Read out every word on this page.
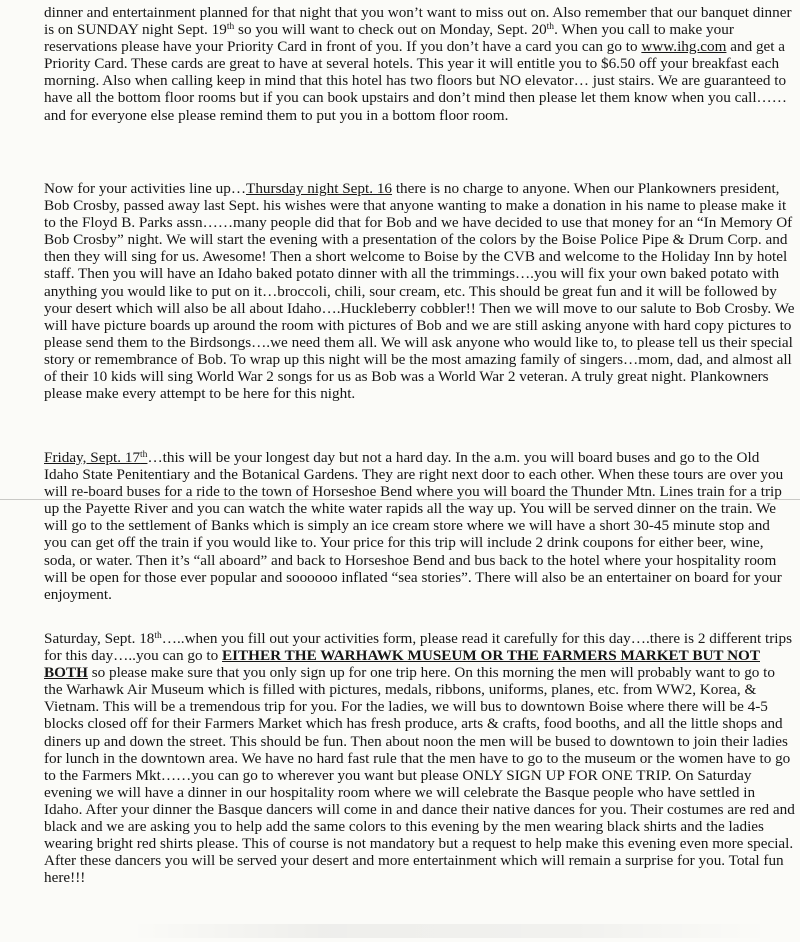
dinner and entertainment planned for that night that you won’t want to miss out on. Also remember that our banquet dinner is on SUNDAY night Sept. 19th so you will want to check out on Monday, Sept. 20th. When you call to make your reservations please have your Priority Card in front of you. If you don’t have a card you can go to www.ihg.com and get a Priority Card. These cards are great to have at several hotels. This year it will entitle you to $6.50 off your breakfast each morning. Also when calling keep in mind that this hotel has two floors but NO elevator… just stairs. We are guaranteed to have all the bottom floor rooms but if you can book upstairs and don’t mind then please let them know when you call……and for everyone else please remind them to put you in a bottom floor room.

Now for your activities line up…Thursday night Sept. 16 there is no charge to anyone. When our Plankowners president, Bob Crosby, passed away last Sept. his wishes were that anyone wanting to make a donation in his name to please make it to the Floyd B. Parks assn……many people did that for Bob and we have decided to use that money for an “In Memory Of Bob Crosby” night. We will start the evening with a presentation of the colors by the Boise Police Pipe & Drum Corp. and then they will sing for us. Awesome! Then a short welcome to Boise by the CVB and welcome to the Holiday Inn by hotel staff. Then you will have an Idaho baked potato dinner with all the trimmings….you will fix your own baked potato with anything you would like to put on it…broccoli, chili, sour cream, etc. This should be great fun and it will be followed by your desert which will also be all about Idaho….Huckleberry cobbler!! Then we will move to our salute to Bob Crosby. We will have picture boards up around the room with pictures of Bob and we are still asking anyone with hard copy pictures to please send them to the Birdsongs….we need them all. We will ask anyone who would like to, to please tell us their special story or remembrance of Bob. To wrap up this night will be the most amazing family of singers…mom, dad, and almost all of their 10 kids will sing World War 2 songs for us as Bob was a World War 2 veteran. A truly great night. Plankowners please make every attempt to be here for this night.

Friday, Sept. 17th…this will be your longest day but not a hard day. In the a.m. you will board buses and go to the Old Idaho State Penitentiary and the Botanical Gardens. They are right next door to each other. When these tours are over you will re-board buses for a ride to the town of Horseshoe Bend where you will board the Thunder Mtn. Lines train for a trip up the Payette River and you can watch the white water rapids all the way up. You will be served dinner on the train. We will go to the settlement of Banks which is simply an ice cream store where we will have a short 30-45 minute stop and you can get off the train if you would like to. Your price for this trip will include 2 drink coupons for either beer, wine, soda, or water. Then it’s “all aboard” and back to Horseshoe Bend and bus back to the hotel where your hospitality room will be open for those ever popular and soooooo inflated “sea stories”. There will also be an entertainer on board for your enjoyment.

Saturday, Sept. 18th…..when you fill out your activities form, please read it carefully for this day….there is 2 different trips for this day…..you can go to EITHER THE WARHAWK MUSEUM OR THE FARMERS MARKET BUT NOT BOTH so please make sure that you only sign up for one trip here. On this morning the men will probably want to go to the Warhawk Air Museum which is filled with pictures, medals, ribbons, uniforms, planes, etc. from WW2, Korea, & Vietnam. This will be a tremendous trip for you. For the ladies, we will bus to downtown Boise where there will be 4-5 blocks closed off for their Farmers Market which has fresh produce, arts & crafts, food booths, and all the little shops and diners up and down the street. This should be fun. Then about noon the men will be bused to downtown to join their ladies for lunch in the downtown area. We have no hard fast rule that the men have to go to the museum or the women have to go to the Farmers Mkt……you can go to wherever you want but please ONLY SIGN UP FOR ONE TRIP. On Saturday evening we will have a dinner in our hospitality room where we will celebrate the Basque people who have settled in Idaho. After your dinner the Basque dancers will come in and dance their native dances for you. Their costumes are red and black and we are asking you to help add the same colors to this evening by the men wearing black shirts and the ladies wearing bright red shirts please. This of course is not mandatory but a request to help make this evening even more special. After these dancers you will be served your desert and more entertainment which will remain a surprise for you. Total fun here!!!
